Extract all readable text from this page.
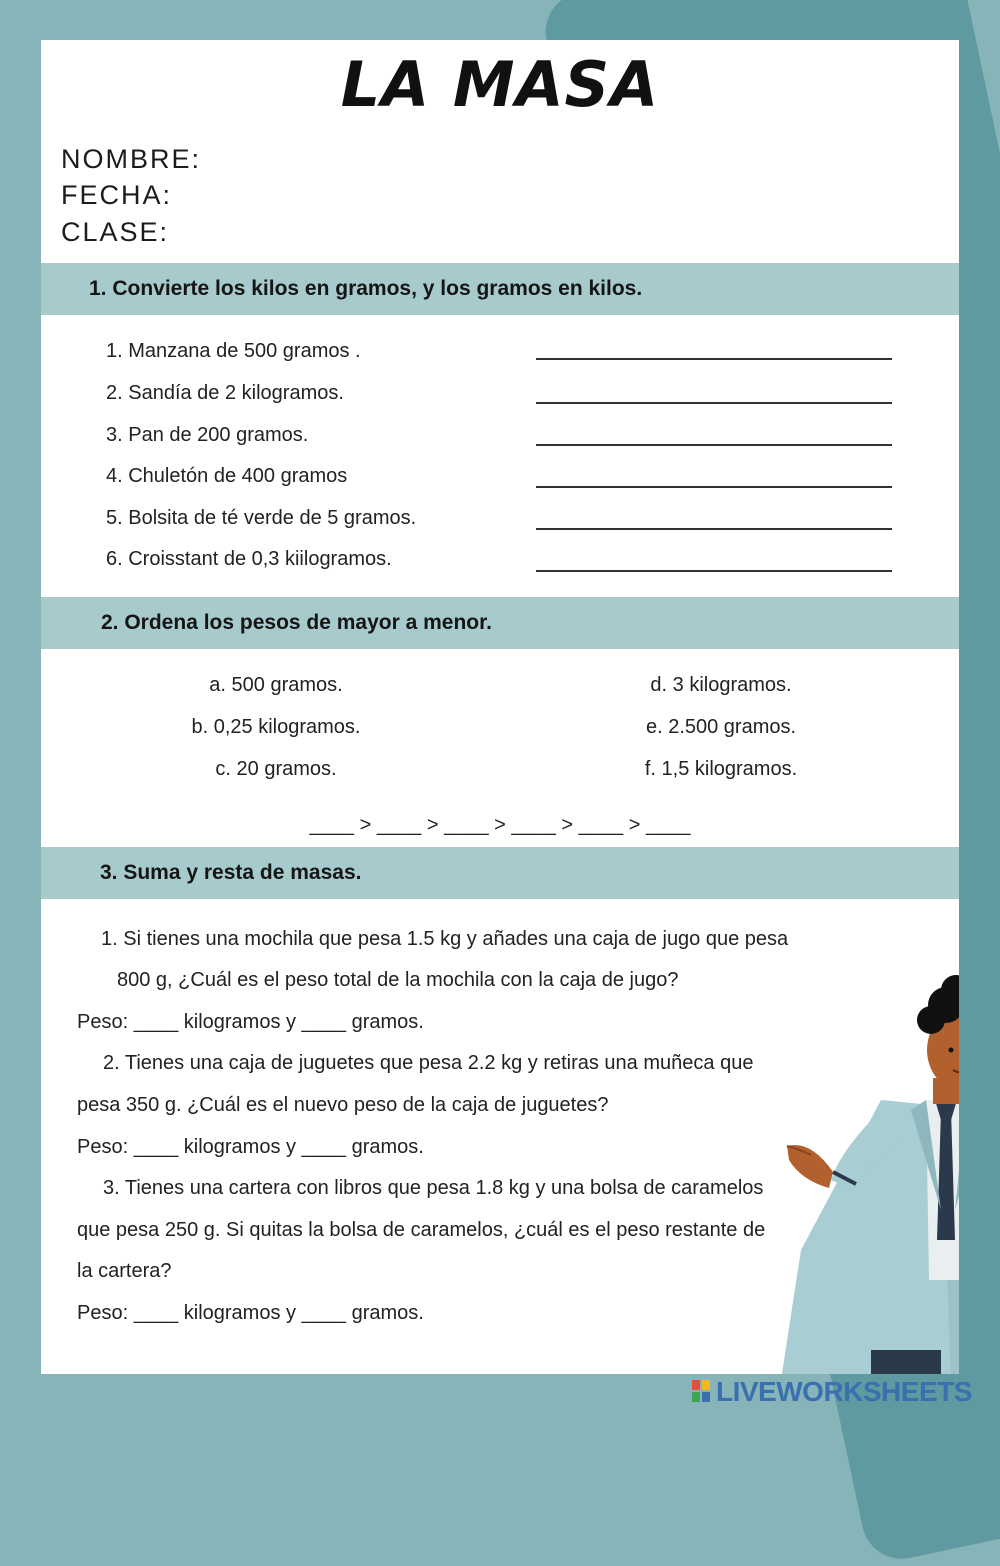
LA MASA
NOMBRE:
FECHA:
CLASE:
1. Convierte los kilos en gramos, y los gramos en kilos.
1. Manzana de 500 gramos .
2. Sandía de 2 kilogramos.
3. Pan de 200 gramos.
4. Chuletón de 400 gramos
5. Bolsita de té verde de 5 gramos.
6. Croisstant de 0,3 kiilogramos.
2. Ordena los pesos de mayor a menor.
a. 500 gramos.
b. 0,25 kilogramos.
c. 20 gramos.
d. 3 kilogramos.
e. 2.500 gramos.
f. 1,5 kilogramos.
____ > ____ > ____ > ____ > ____ > ____
3. Suma y resta de masas.
1. Si tienes una mochila que pesa 1.5 kg y añades una caja de jugo que pesa
800 g, ¿Cuál es el peso total de la mochila con la caja de jugo?
Peso: ____ kilogramos y ____ gramos.
2. Tienes una caja de juguetes que pesa 2.2 kg y retiras una muñeca que
pesa 350 g. ¿Cuál es el nuevo peso de la caja de juguetes?
Peso: ____ kilogramos y ____ gramos.
3. Tienes una cartera con libros que pesa 1.8 kg y una bolsa de caramelos
que pesa 250 g. Si quitas la bolsa de caramelos, ¿cuál es el peso restante de
la cartera?
Peso: ____ kilogramos y ____ gramos.
LIVEWORKSHEETS
